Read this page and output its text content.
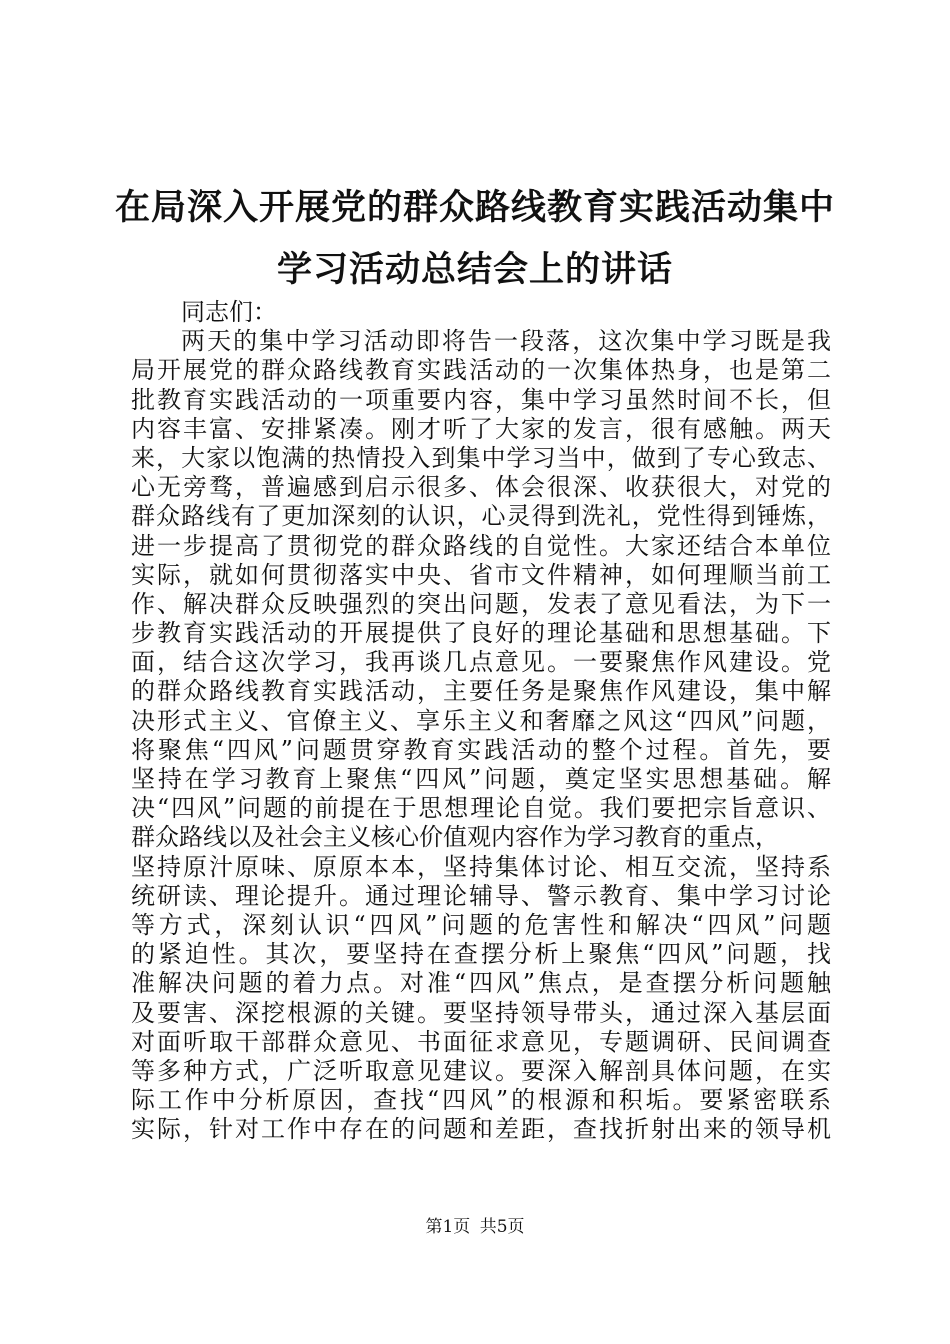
在局深入开展党的群众路线教育实践活动集中
学习活动总结会上的讲话
同志们：
两天的集中学习活动即将告一段落，这次集中学习既是我
局开展党的群众路线教育实践活动的一次集体热身，也是第二
批教育实践活动的一项重要内容，集中学习虽然时间不长，但
内容丰富、安排紧凑。刚才听了大家的发言，很有感触。两天
来，大家以饱满的热情投入到集中学习当中，做到了专心致志、
心无旁骛，普遍感到启示很多、体会很深、收获很大，对党的
群众路线有了更加深刻的认识，心灵得到洗礼，党性得到锤炼，
进一步提高了贯彻党的群众路线的自觉性。大家还结合本单位
实际，就如何贯彻落实中央、省市文件精神，如何理顺当前工
作、解决群众反映强烈的突出问题，发表了意见看法，为下一
步教育实践活动的开展提供了良好的理论基础和思想基础。下
面，结合这次学习，我再谈几点意见。一要聚焦作风建设。党
的群众路线教育实践活动，主要任务是聚焦作风建设，集中解
决形式主义、官僚主义、享乐主义和奢靡之风这“四风”问题，
将聚焦“四风”问题贯穿教育实践活动的整个过程。首先，要
坚持在学习教育上聚焦“四风”问题，奠定坚实思想基础。解
决“四风”问题的前提在于思想理论自觉。我们要把宗旨意识、
群众路线以及社会主义核心价值观内容作为学习教育的重点，
坚持原汁原味、原原本本，坚持集体讨论、相互交流，坚持系
统研读、理论提升。通过理论辅导、警示教育、集中学习讨论
等方式，深刻认识“四风”问题的危害性和解决“四风”问题
的紧迫性。其次，要坚持在查摆分析上聚焦“四风”问题，找
准解决问题的着力点。对准“四风”焦点，是查摆分析问题触
及要害、深挖根源的关键。要坚持领导带头，通过深入基层面
对面听取干部群众意见、书面征求意见，专题调研、民间调查
等多种方式，广泛听取意见建议。要深入解剖具体问题，在实
际工作中分析原因，查找“四风”的根源和积垢。要紧密联系
实际，针对工作中存在的问题和差距，查找折射出来的领导机
第1页 共5页
